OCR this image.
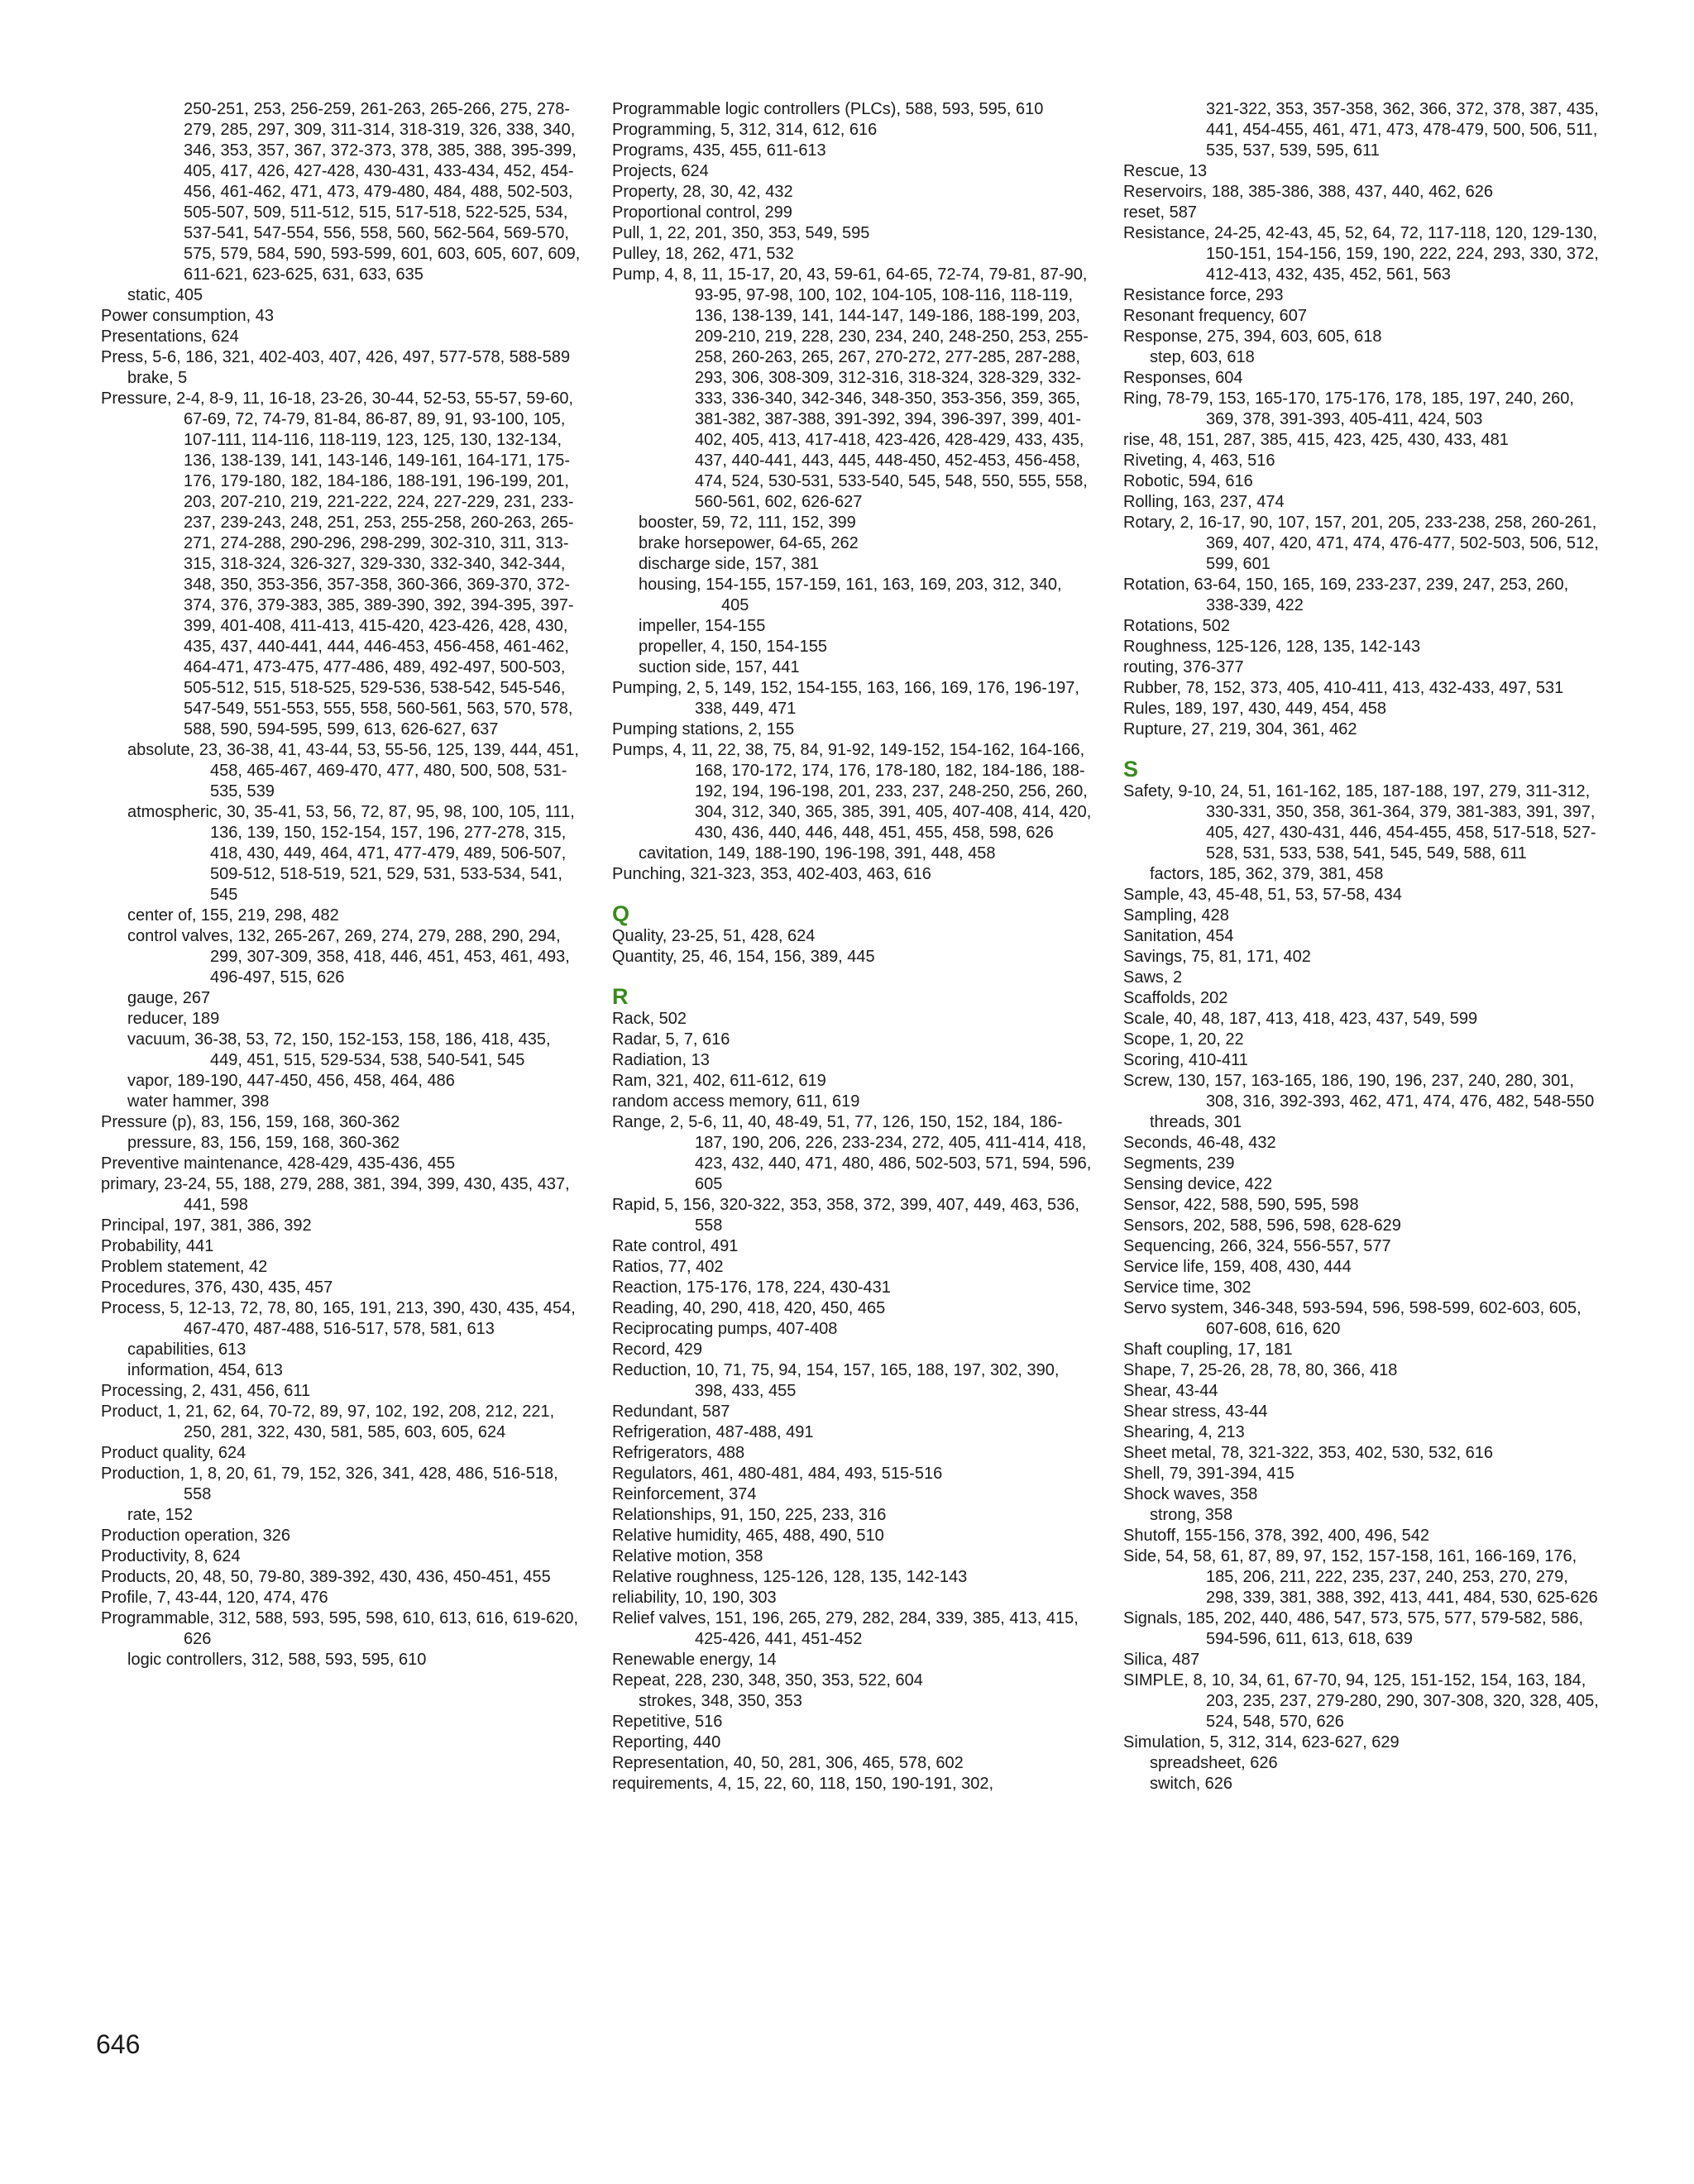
250-251, 253, 256-259, 261-263, 265-266, 275, 278-279, 285, 297, 309, 311-314, 318-319, 326, 338, 340, 346, 353, 357, 367, 372-373, 378, 385, 388, 395-399, 405, 417, 426, 427-428, 430-431, 433-434, 452, 454-456, 461-462, 471, 473, 479-480, 484, 488, 502-503, 505-507, 509, 511-512, 515, 517-518, 522-525, 534, 537-541, 547-554, 556, 558, 560, 562-564, 569-570, 575, 579, 584, 590, 593-599, 601, 603, 605, 607, 609, 611-621, 623-625, 631, 633, 635
static, 405
Power consumption, 43
Presentations, 624
Press, 5-6, 186, 321, 402-403, 407, 426, 497, 577-578, 588-589
brake, 5
Pressure, 2-4, 8-9, 11, 16-18, 23-26, 30-44, 52-53, 55-57, 59-60, 67-69, 72, 74-79, 81-84, 86-87, 89, 91, 93-100, 105, 107-111, 114-116, 118-119, 123, 125, 130, 132-134, 136, 138-139, 141, 143-146, 149-161, 164-171, 175-176, 179-180, 182, 184-186, 188-191, 196-199, 201, 203, 207-210, 219, 221-222, 224, 227-229, 231, 233-237, 239-243, 248, 251, 253, 255-258, 260-263, 265-271, 274-288, 290-296, 298-299, 302-310, 311, 313-315, 318-324, 326-327, 329-330, 332-340, 342-344, 348, 350, 353-356, 357-358, 360-366, 369-370, 372-374, 376, 379-383, 385, 389-390, 392, 394-395, 397-399, 401-408, 411-413, 415-420, 423-426, 428, 430, 435, 437, 440-441, 444, 446-453, 456-458, 461-462, 464-471, 473-475, 477-486, 489, 492-497, 500-503, 505-512, 515, 518-525, 529-536, 538-542, 545-546, 547-549, 551-553, 555, 558, 560-561, 563, 570, 578, 588, 590, 594-595, 599, 613, 626-627, 637
absolute, 23, 36-38, 41, 43-44, 53, 55-56, 125, 139, 444, 451, 458, 465-467, 469-470, 477, 480, 500, 508, 531-535, 539
atmospheric, 30, 35-41, 53, 56, 72, 87, 95, 98, 100, 105, 111, 136, 139, 150, 152-154, 157, 196, 277-278, 315, 418, 430, 449, 464, 471, 477-479, 489, 506-507, 509-512, 518-519, 521, 529, 531, 533-534, 541, 545
center of, 155, 219, 298, 482
control valves, 132, 265-267, 269, 274, 279, 288, 290, 294, 299, 307-309, 358, 418, 446, 451, 453, 461, 493, 496-497, 515, 626
gauge, 267
reducer, 189
vacuum, 36-38, 53, 72, 150, 152-153, 158, 186, 418, 435, 449, 451, 515, 529-534, 538, 540-541, 545
vapor, 189-190, 447-450, 456, 458, 464, 486
water hammer, 398
Pressure (p), 83, 156, 159, 168, 360-362
pressure, 83, 156, 159, 168, 360-362
Preventive maintenance, 428-429, 435-436, 455
primary, 23-24, 55, 188, 279, 288, 381, 394, 399, 430, 435, 437, 441, 598
Principal, 197, 381, 386, 392
Probability, 441
Problem statement, 42
Procedures, 376, 430, 435, 457
Process, 5, 12-13, 72, 78, 80, 165, 191, 213, 390, 430, 435, 454, 467-470, 487-488, 516-517, 578, 581, 613
capabilities, 613
information, 454, 613
Processing, 2, 431, 456, 611
Product, 1, 21, 62, 64, 70-72, 89, 97, 102, 192, 208, 212, 221, 250, 281, 322, 430, 581, 585, 603, 605, 624
Product quality, 624
Production, 1, 8, 20, 61, 79, 152, 326, 341, 428, 486, 516-518, 558
rate, 152
Production operation, 326
Productivity, 8, 624
Products, 20, 48, 50, 79-80, 389-392, 430, 436, 450-451, 455
Profile, 7, 43-44, 120, 474, 476
Programmable, 312, 588, 593, 595, 598, 610, 613, 616, 619-620, 626
logic controllers, 312, 588, 593, 595, 610
Programmable logic controllers (PLCs), 588, 593, 595, 610
Programming, 5, 312, 314, 612, 616
Programs, 435, 455, 611-613
Projects, 624
Property, 28, 30, 42, 432
Proportional control, 299
Pull, 1, 22, 201, 350, 353, 549, 595
Pulley, 18, 262, 471, 532
Pump, 4, 8, 11, 15-17, 20, 43, 59-61, 64-65, 72-74, 79-81, 87-90, 93-95, 97-98, 100, 102, 104-105, 108-116, 118-119, 136, 138-139, 141, 144-147, 149-186, 188-199, 203, 209-210, 219, 228, 230, 234, 240, 248-250, 253, 255-258, 260-263, 265, 267, 270-272, 277-285, 287-288, 293, 306, 308-309, 312-316, 318-324, 328-329, 332-333, 336-340, 342-346, 348-350, 353-356, 359, 365, 381-382, 387-388, 391-392, 394, 396-397, 399, 401-402, 405, 413, 417-418, 423-426, 428-429, 433, 435, 437, 440-441, 443, 445, 448-450, 452-453, 456-458, 474, 524, 530-531, 533-540, 545, 548, 550, 555, 558, 560-561, 602, 626-627
booster, 59, 72, 111, 152, 399
brake horsepower, 64-65, 262
discharge side, 157, 381
housing, 154-155, 157-159, 161, 163, 169, 203, 312, 340, 405
impeller, 154-155
propeller, 4, 150, 154-155
suction side, 157, 441
Pumping, 2, 5, 149, 152, 154-155, 163, 166, 169, 176, 196-197, 338, 449, 471
Pumping stations, 2, 155
Pumps, 4, 11, 22, 38, 75, 84, 91-92, 149-152, 154-162, 164-166, 168, 170-172, 174, 176, 178-180, 182, 184-186, 188-192, 194, 196-198, 201, 233, 237, 248-250, 256, 260, 304, 312, 340, 365, 385, 391, 405, 407-408, 414, 420, 430, 436, 440, 446, 448, 451, 455, 458, 598, 626
cavitation, 149, 188-190, 196-198, 391, 448, 458
Punching, 321-323, 353, 402-403, 463, 616
Q
Quality, 23-25, 51, 428, 624
Quantity, 25, 46, 154, 156, 389, 445
R
Rack, 502
Radar, 5, 7, 616
Radiation, 13
Ram, 321, 402, 611-612, 619
random access memory, 611, 619
Range, 2, 5-6, 11, 40, 48-49, 51, 77, 126, 150, 152, 184, 186-187, 190, 206, 226, 233-234, 272, 405, 411-414, 418, 423, 432, 440, 471, 480, 486, 502-503, 571, 594, 596, 605
Rapid, 5, 156, 320-322, 353, 358, 372, 399, 407, 449, 463, 536, 558
Rate control, 491
Ratios, 77, 402
Reaction, 175-176, 178, 224, 430-431
Reading, 40, 290, 418, 420, 450, 465
Reciprocating pumps, 407-408
Record, 429
Reduction, 10, 71, 75, 94, 154, 157, 165, 188, 197, 302, 390, 398, 433, 455
Redundant, 587
Refrigeration, 487-488, 491
Refrigerators, 488
Regulators, 461, 480-481, 484, 493, 515-516
Reinforcement, 374
Relationships, 91, 150, 225, 233, 316
Relative humidity, 465, 488, 490, 510
Relative motion, 358
Relative roughness, 125-126, 128, 135, 142-143
reliability, 10, 190, 303
Relief valves, 151, 196, 265, 279, 282, 284, 339, 385, 413, 415, 425-426, 441, 451-452
Renewable energy, 14
Repeat, 228, 230, 348, 350, 353, 522, 604
strokes, 348, 350, 353
Repetitive, 516
Reporting, 440
Representation, 40, 50, 281, 306, 465, 578, 602
requirements, 4, 15, 22, 60, 118, 150, 190-191, 302,
321-322, 353, 357-358, 362, 366, 372, 378, 387, 435, 441, 454-455, 461, 471, 473, 478-479, 500, 506, 511, 535, 537, 539, 595, 611
Rescue, 13
Reservoirs, 188, 385-386, 388, 437, 440, 462, 626
reset, 587
Resistance, 24-25, 42-43, 45, 52, 64, 72, 117-118, 120, 129-130, 150-151, 154-156, 159, 190, 222, 224, 293, 330, 372, 412-413, 432, 435, 452, 561, 563
Resistance force, 293
Resonant frequency, 607
Response, 275, 394, 603, 605, 618
step, 603, 618
Responses, 604
Ring, 78-79, 153, 165-170, 175-176, 178, 185, 197, 240, 260, 369, 378, 391-393, 405-411, 424, 503
rise, 48, 151, 287, 385, 415, 423, 425, 430, 433, 481
Riveting, 4, 463, 516
Robotic, 594, 616
Rolling, 163, 237, 474
Rotary, 2, 16-17, 90, 107, 157, 201, 205, 233-238, 258, 260-261, 369, 407, 420, 471, 474, 476-477, 502-503, 506, 512, 599, 601
Rotation, 63-64, 150, 165, 169, 233-237, 239, 247, 253, 260, 338-339, 422
Rotations, 502
Roughness, 125-126, 128, 135, 142-143
routing, 376-377
Rubber, 78, 152, 373, 405, 410-411, 413, 432-433, 497, 531
Rules, 189, 197, 430, 449, 454, 458
Rupture, 27, 219, 304, 361, 462
S
Safety, 9-10, 24, 51, 161-162, 185, 187-188, 197, 279, 311-312, 330-331, 350, 358, 361-364, 379, 381-383, 391, 397, 405, 427, 430-431, 446, 454-455, 458, 517-518, 527-528, 531, 533, 538, 541, 545, 549, 588, 611
factors, 185, 362, 379, 381, 458
Sample, 43, 45-48, 51, 53, 57-58, 434
Sampling, 428
Sanitation, 454
Savings, 75, 81, 171, 402
Saws, 2
Scaffolds, 202
Scale, 40, 48, 187, 413, 418, 423, 437, 549, 599
Scope, 1, 20, 22
Scoring, 410-411
Screw, 130, 157, 163-165, 186, 190, 196, 237, 240, 280, 301, 308, 316, 392-393, 462, 471, 474, 476, 482, 548-550
threads, 301
Seconds, 46-48, 432
Segments, 239
Sensing device, 422
Sensor, 422, 588, 590, 595, 598
Sensors, 202, 588, 596, 598, 628-629
Sequencing, 266, 324, 556-557, 577
Service life, 159, 408, 430, 444
Service time, 302
Servo system, 346-348, 593-594, 596, 598-599, 602-603, 605, 607-608, 616, 620
Shaft coupling, 17, 181
Shape, 7, 25-26, 28, 78, 80, 366, 418
Shear, 43-44
Shear stress, 43-44
Shearing, 4, 213
Sheet metal, 78, 321-322, 353, 402, 530, 532, 616
Shell, 79, 391-394, 415
Shock waves, 358
strong, 358
Shutoff, 155-156, 378, 392, 400, 496, 542
Side, 54, 58, 61, 87, 89, 97, 152, 157-158, 161, 166-169, 176, 185, 206, 211, 222, 235, 237, 240, 253, 270, 279, 298, 339, 381, 388, 392, 413, 441, 484, 530, 625-626
Signals, 185, 202, 440, 486, 547, 573, 575, 577, 579-582, 586, 594-596, 611, 613, 618, 639
Silica, 487
SIMPLE, 8, 10, 34, 61, 67-70, 94, 125, 151-152, 154, 163, 184, 203, 235, 237, 279-280, 290, 307-308, 320, 328, 405, 524, 548, 570, 626
Simulation, 5, 312, 314, 623-627, 629
spreadsheet, 626
switch, 626
646
